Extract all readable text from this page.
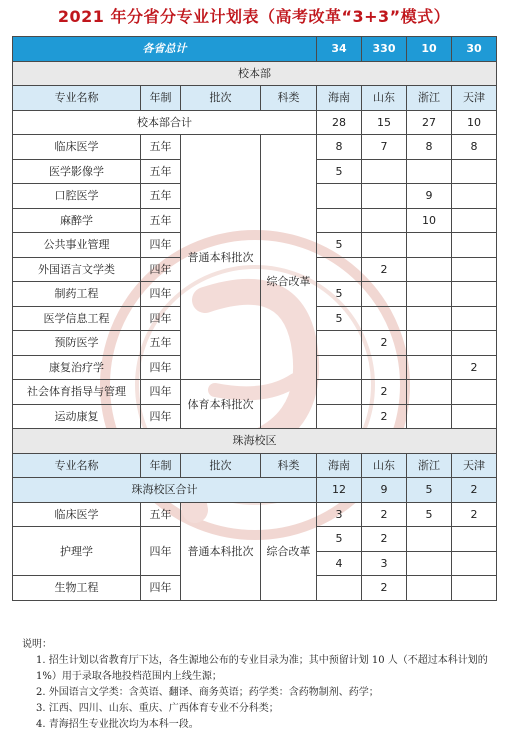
2021 年分省分专业计划表（高考改革“3+3”模式）
各省总计				34	330	10	30
校本部							
专业名称	年制	批次	科类	海南	山东	浙江	天津
校本部合计				28	15	27	10
临床医学	五年	普通本科批次	综合改革	8	7	8	8
医学影像学	五年			5			
口腔医学	五年					9	
麻醉学	五年					10	
公共事业管理	四年			5			
外国语言文学类	四年				2		
制药工程	四年			5			
医学信息工程	四年			5			
预防医学	五年				2		
康复治疗学	四年						2
社会体育指导与管理	四年	体育本科批次			2		
运动康复	四年				2		
珠海校区							
专业名称	年制	批次	科类	海南	山东	浙江	天津
珠海校区合计				12	9	5	2
临床医学	五年	普通本科批次	综合改革	3	2	5	2
护理学	四年			5	2		
				4	3		
生物工程	四年				2		

说明：

1. 招生计划以省教育厅下达，各生源地公布的专业目录为准；其中预留计划 10 人（不超过本科计划的 1%）用于录取各地投档范围内上线生源；

2. 外国语言文学类：含英语、翻译、商务英语；药学类：含药物制剂、药学；

3. 江西、四川、山东、重庆、广西体育专业不分科类；

4. 青海招生专业批次均为本科一段。
